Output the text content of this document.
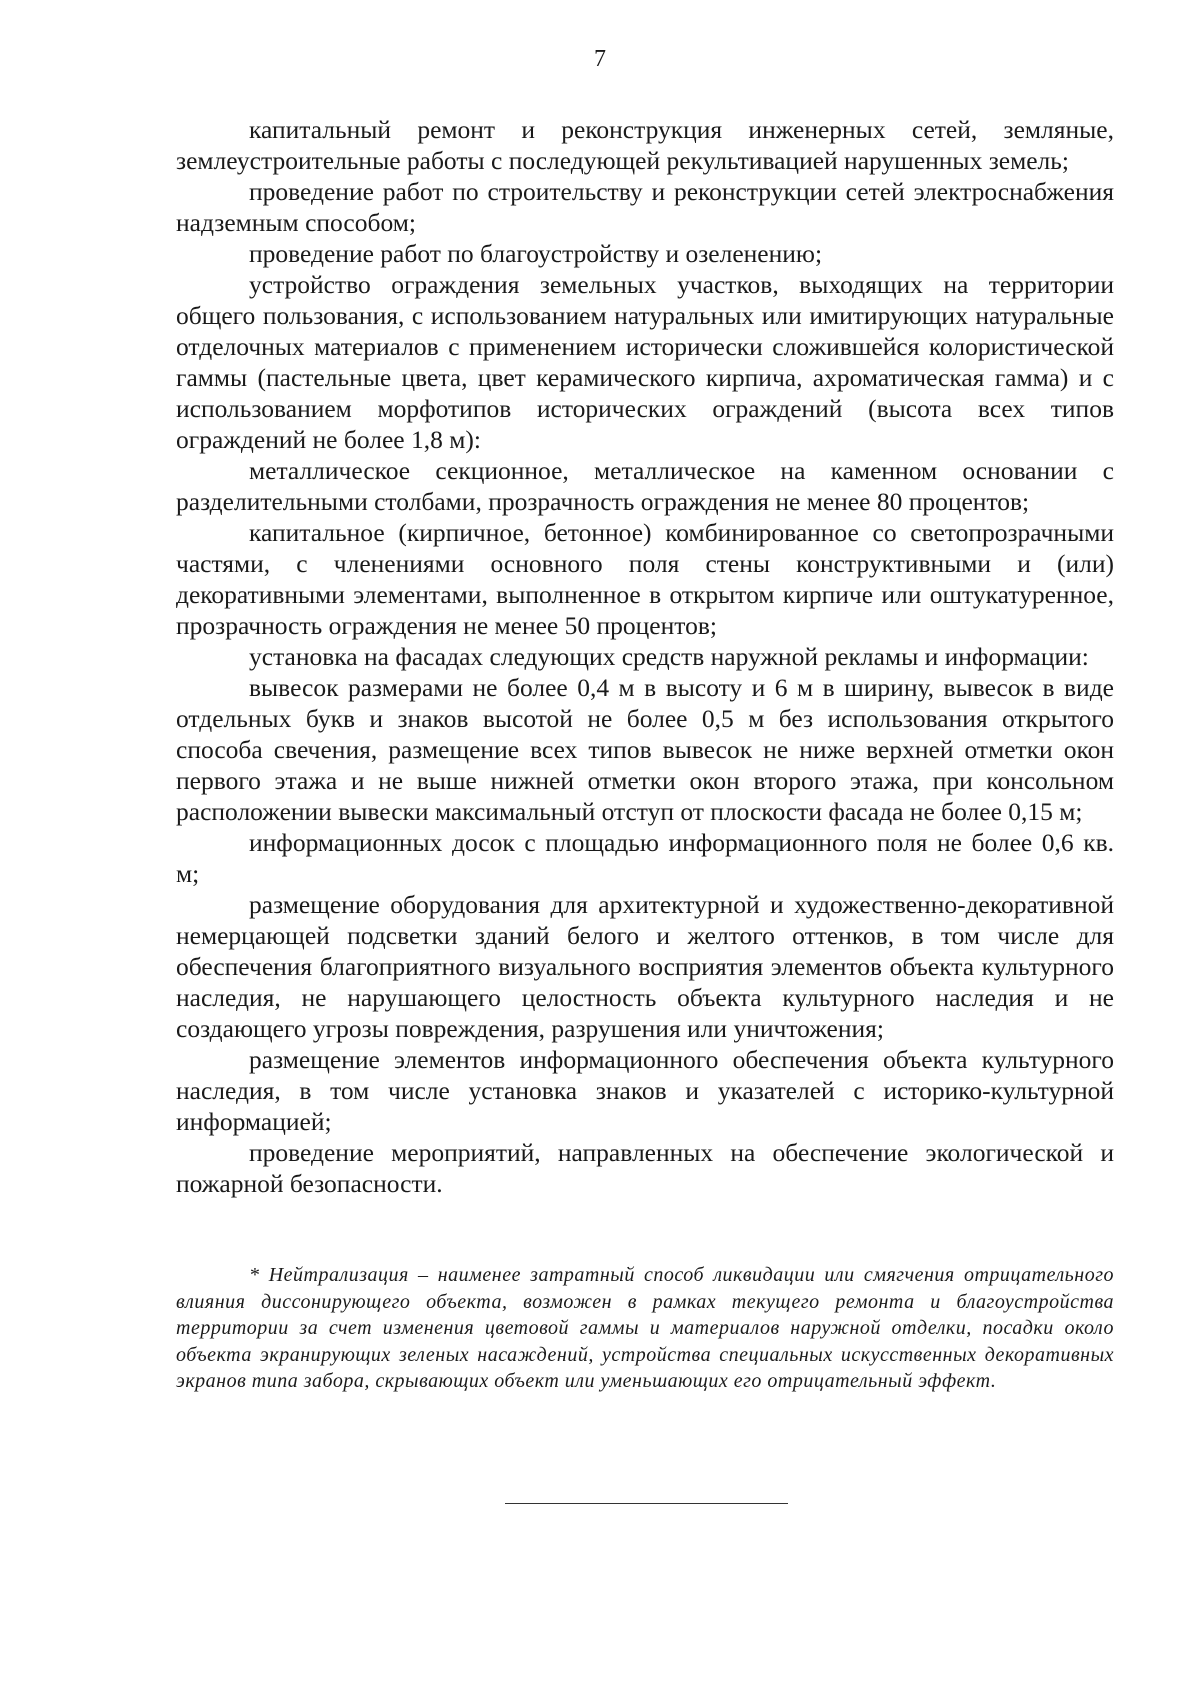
7

капитальный ремонт и реконструкция инженерных сетей, земляные, землеустроительные работы с последующей рекультивацией нарушенных земель;

проведение работ по строительству и реконструкции сетей электроснабжения надземным способом;

проведение работ по благоустройству и озеленению;

устройство ограждения земельных участков, выходящих на территории общего пользования, с использованием натуральных или имитирующих натуральные отделочных материалов с применением исторически сложившейся колористической гаммы (пастельные цвета, цвет керамического кирпича, ахроматическая гамма) и с использованием морфотипов исторических ограждений (высота всех типов ограждений не более 1,8 м):

металлическое секционное, металлическое на каменном основании с разделительными столбами, прозрачность ограждения не менее 80 процентов;

капитальное (кирпичное, бетонное) комбинированное со светопрозрачными частями, с членениями основного поля стены конструктивными и (или) декоративными элементами, выполненное в открытом кирпиче или оштукатуренное, прозрачность ограждения не менее 50 процентов;

установка на фасадах следующих средств наружной рекламы и информации:

вывесок размерами не более 0,4 м в высоту и 6 м в ширину, вывесок в виде отдельных букв и знаков высотой не более 0,5 м без использования открытого способа свечения, размещение всех типов вывесок не ниже верхней отметки окон первого этажа и не выше нижней отметки окон второго этажа, при консольном расположении вывески максимальный отступ от плоскости фасада не более 0,15 м;

информационных досок с площадью информационного поля не более 0,6 кв. м;

размещение оборудования для архитектурной и художественно-декоративной немерцающей подсветки зданий белого и желтого оттенков, в том числе для обеспечения благоприятного визуального восприятия элементов объекта культурного наследия, не нарушающего целостность объекта культурного наследия и не создающего угрозы повреждения, разрушения или уничтожения;

размещение элементов информационного обеспечения объекта культурного наследия, в том числе установка знаков и указателей с историко-культурной информацией;

проведение мероприятий, направленных на обеспечение экологической и пожарной безопасности.

* Нейтрализация – наименее затратный способ ликвидации или смягчения отрицательного влияния диссонирующего объекта, возможен в рамках текущего ремонта и благоустройства территории за счет изменения цветовой гаммы и материалов наружной отделки, посадки около объекта экранирующих зеленых насаждений, устройства специальных искусственных декоративных экранов типа забора, скрывающих объект или уменьшающих его отрицательный эффект.
